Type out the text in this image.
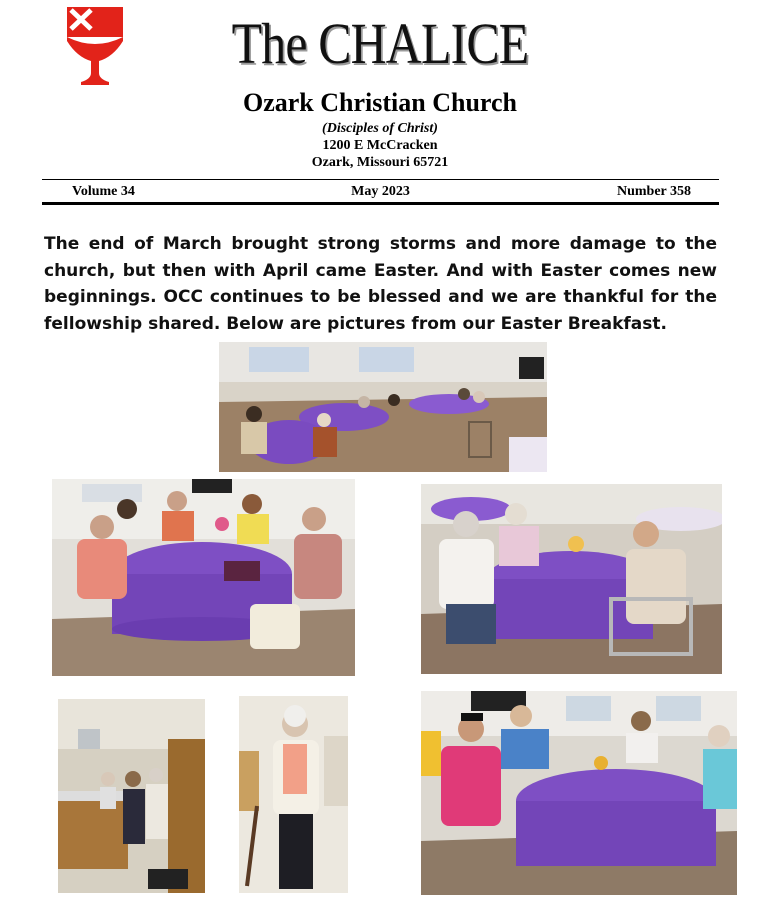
The CHALICE
Ozark Christian Church
(Disciples of Christ)
1200 E McCracken
Ozark, Missouri 65721
Volume 34	May 2023	Number 358
The end of March brought strong storms and more damage to the church, but then with April came Easter. And with Easter comes new beginnings. OCC continues to be blessed and we are thankful for the fellowship shared. Below are pictures from our Easter Breakfast.
